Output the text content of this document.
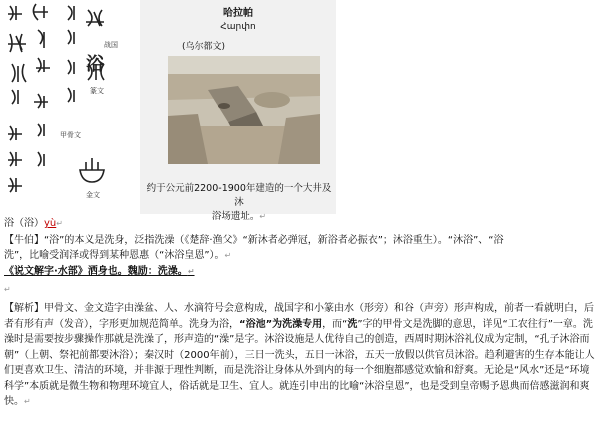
战国
浴
篆文
甲骨文
金文
哈拉帕
Հարփո
(乌尔都文)
约于公元前2200-1900年建造的一个大井及沐
浴场遗址。↵
浴（浴）yù↵
【牛伯】“浴”的本义是洗身，泛指洗澡（《楚辞·渔父》“新沐者必弹冠，新浴者必振衣”；沐浴重生）。“沐浴”、“浴
洗”，比喻受润泽或得到某种恩惠（“沐浴皇恩”）。↵
《说文解字·水部》洒身也。魏励：洗澡。↵
↵
【解析】甲骨文、金文造字由澡盆、人、水滴符号会意构成，战国字和小篆由水（形旁）和谷（声旁）形声构成，前者一看就明白，后者有形有声（发音），字形更加规范简单。洗身为浴，“浴池”为洗澡专用，而“洗”字的甲骨文是洗脚的意思，详见“工农往行”一章。洗澡时是需要按步骤操作那就是洗澡了，形声造的“澡”是字。沐浴设施是人优待自己的创造，西周时期沐浴礼仪成为定制，“孔子沐浴而朝”（上朝、祭祀前都要沐浴）；秦汉时（2000年前），三日一洗头，五日一沐浴，五天一放假以供官员沐浴。趋利避害的生存本能让人们更喜欢卫生、清洁的环境，并非源于理性判断，而是洗浴让身体从外到内的每一个细胞都感觉欢愉和舒爽。无论是“风水”还是“环境科学”本质就是微生物和物理环境宜人，俗话就是卫生、宜人。就连引申出的比喻“沐浴皇恩”，也是受到皇帝赐予恩典而倍感滋润和爽快。↵
